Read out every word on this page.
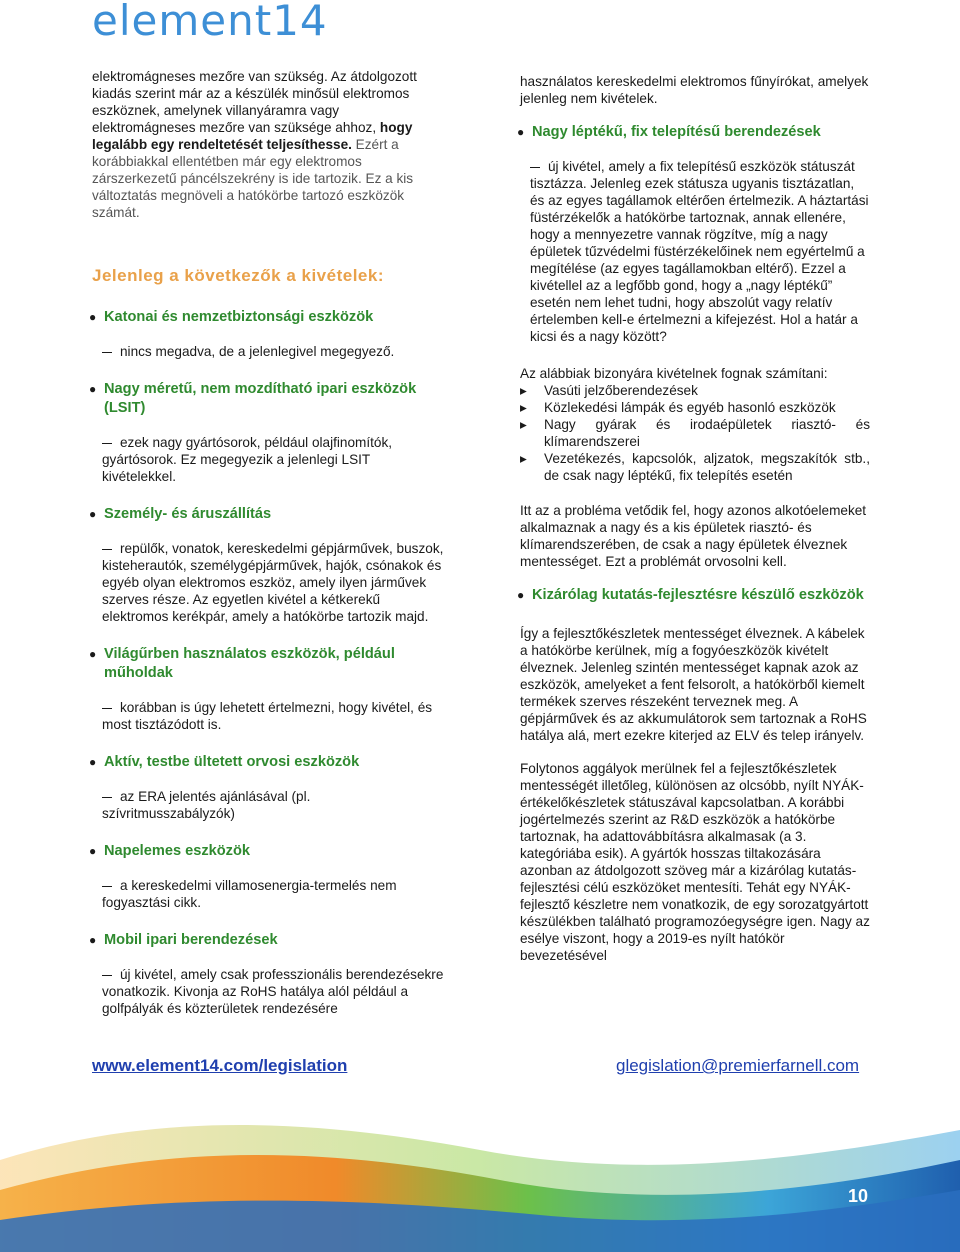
element14

elektromágneses mezőre van szükség. Az átdolgozott kiadás szerint már az a készülék minősül elektromos eszköznek, amelynek villanyáramra vagy elektromágneses mezőre van szüksége ahhoz, hogy legalább egy rendeltetését teljesíthesse. Ezért a korábbiakkal ellentétben már egy elektromos zárszerkezetű páncélszekrény is ide tartozik. Ez a kis változtatás megnöveli a hatókörbe tartozó eszközök számát.

Jelenleg a következők a kivételek:
● Katonai és nemzetbiztonsági eszközök
nincs megadva, de a jelenlegivel megegyező.
● Nagy méretű, nem mozdítható ipari eszközök (LSIT)
ezek nagy gyártósorok, például olajfinomítók, gyártósorok. Ez megegyezik a jelenlegi LSIT kivételekkel.
● Személy- és áruszállítás
repülők, vonatok, kereskedelmi gépjárművek, buszok, kisteherautók, személygépjárművek, hajók, csónakok és egyéb olyan elektromos eszköz, amely ilyen járművek szerves része. Az egyetlen kivétel a kétkerekű elektromos kerékpár, amely a hatókörbe tartozik majd.
● Világűrben használatos eszközök, például műholdak
korábban is úgy lehetett értelmezni, hogy kivétel, és most tisztázódott is.
● Aktív, testbe ültetett orvosi eszközök
az ERA jelentés ajánlásával (pl. szívritmusszabályzók)
● Napelemes eszközök
a kereskedelmi villamosenergia-termelés nem fogyasztási cikk.
● Mobil ipari berendezések
új kivétel, amely csak professzionális berendezésekre vonatkozik. Kivonja az RoHS hatálya alól például a golfpályák és közterületek rendezésére

használatos kereskedelmi elektromos fűnyírókat, amelyek jelenleg nem kivételek.

● Nagy léptékű, fix telepítésű berendezések
új kivétel, amely a fix telepítésű eszközök státuszát tisztázza. Jelenleg ezek státusza ugyanis tisztázatlan, és az egyes tagállamok eltérően értelmezik. A háztartási füstérzékelők a hatókörbe tartoznak, annak ellenére, hogy a mennyezetre vannak rögzítve, míg a nagy épületek tűzvédelmi füstérzékelőinek nem egyértelmű a megítélése (az egyes tagállamokban eltérő). Ezzel a kivétellel az a legfőbb gond, hogy a „nagy léptékű” esetén nem lehet tudni, hogy abszolút vagy relatív értelemben kell-e értelmezni a kifejezést. Hol a határ a kicsi és a nagy között?

Az alábbiak bizonyára kivételnek fognak számítani:

▸ Vasúti jelzőberendezések
▸ Közlekedési lámpák és egyéb hasonló eszközök
▸ Nagy gyárak és irodaépületek riasztó- és klímarendszerei
▸ Vezetékezés, kapcsolók, aljzatok, megszakítók stb., de csak nagy léptékű, fix telepítés esetén

Itt az a probléma vetődik fel, hogy azonos alkotóelemeket alkalmaznak a nagy és a kis épületek riasztó- és klímarendszerében, de csak a nagy épületek élveznek mentességet. Ezt a problémát orvosolni kell.

● Kizárólag kutatás-fejlesztésre készülő eszközök

Így a fejlesztőkészletek mentességet élveznek. A kábelek a hatókörbe kerülnek, míg a fogyóeszközök kivételt élveznek. Jelenleg szintén mentességet kapnak azok az eszközök, amelyeket a fent felsorolt, a hatókörből kiemelt termékek szerves részeként terveznek meg. A gépjárművek és az akkumulátorok sem tartoznak a RoHS hatálya alá, mert ezekre kiterjed az ELV és telep irányelv.

Folytonos aggályok merülnek fel a fejlesztőkészletek mentességét illetőleg, különösen az olcsóbb, nyílt NYÁK-értékelőkészletek státuszával kapcsolatban. A korábbi jogértelmezés szerint az R&D eszközök a hatókörbe tartoznak, ha adattovábbításra alkalmasak (a 3. kategóriába esik). A gyártók hosszas tiltakozására azonban az átdolgozott szöveg már a kizárólag kutatás-fejlesztési célú eszközöket mentesíti. Tehát egy NYÁK-fejlesztő készletre nem vonatkozik, de egy sorozatgyártott készülékben található programozóegységre igen. Nagy az esélye viszont, hogy a 2019-es nyílt hatókör bevezetésével

www.element14.com/legislation	glegislation@premierfarnell.com
10
